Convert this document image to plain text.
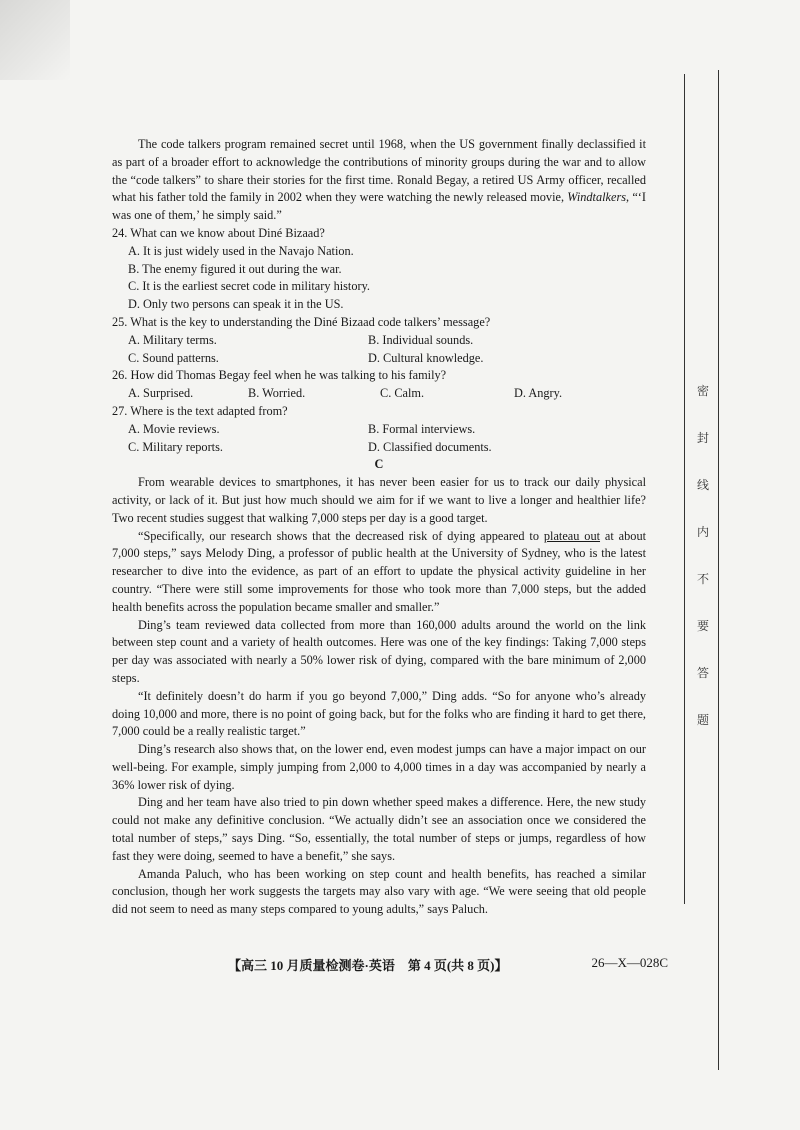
The code talkers program remained secret until 1968, when the US government finally declassified it as part of a broader effort to acknowledge the contributions of minority groups during the war and to allow the “code talkers” to share their stories for the first time. Ronald Begay, a retired US Army officer, recalled what his father told the family in 2002 when they were watching the newly released movie, Windtalkers, “‘I was one of them,’ he simply said.”

24. What can we know about Diné Bizaad?

A. It is just widely used in the Navajo Nation.
B. The enemy figured it out during the war.
C. It is the earliest secret code in military history.
D. Only two persons can speak it in the US.

25. What is the key to understanding the Diné Bizaad code talkers’ message?

A. Military terms.	B. Individual sounds.
C. Sound patterns.	D. Cultural knowledge.

26. How did Thomas Begay feel when he was talking to his family?

A. Surprised.	B. Worried.	C. Calm.	D. Angry.

27. Where is the text adapted from?

A. Movie reviews.	B. Formal interviews.
C. Military reports.	D. Classified documents.

C

From wearable devices to smartphones, it has never been easier for us to track our daily physical activity, or lack of it. But just how much should we aim for if we want to live a longer and healthier life? Two recent studies suggest that walking 7,000 steps per day is a good target.

“Specifically, our research shows that the decreased risk of dying appeared to plateau out at about 7,000 steps,” says Melody Ding, a professor of public health at the University of Sydney, who is the latest researcher to dive into the evidence, as part of an effort to update the physical activity guideline in her country. “There were still some improvements for those who took more than 7,000 steps, but the added health benefits across the population became smaller and smaller.”

Ding’s team reviewed data collected from more than 160,000 adults around the world on the link between step count and a variety of health outcomes. Here was one of the key findings: Taking 7,000 steps per day was associated with nearly a 50% lower risk of dying, compared with the bare minimum of 2,000 steps.

“It definitely doesn’t do harm if you go beyond 7,000,” Ding adds. “So for anyone who’s already doing 10,000 and more, there is no point of going back, but for the folks who are finding it hard to get there, 7,000 could be a really realistic target.”

Ding’s research also shows that, on the lower end, even modest jumps can have a major impact on our well-being. For example, simply jumping from 2,000 to 4,000 times in a day was accompanied by nearly a 36% lower risk of dying.

Ding and her team have also tried to pin down whether speed makes a difference. Here, the new study could not make any definitive conclusion. “We actually didn’t see an association once we considered the total number of steps,” says Ding. “So, essentially, the total number of steps or jumps, regardless of how fast they were doing, seemed to have a benefit,” she says.

Amanda Paluch, who has been working on step count and health benefits, has reached a similar conclusion, though her work suggests the targets may also vary with age. “We were seeing that old people did not seem to need as many steps compared to young adults,” says Paluch.

【高三 10 月质量检测卷·英语　第 4 页(共 8 页)】	26—X—028C
密
封
线
内
不
要
答
题
